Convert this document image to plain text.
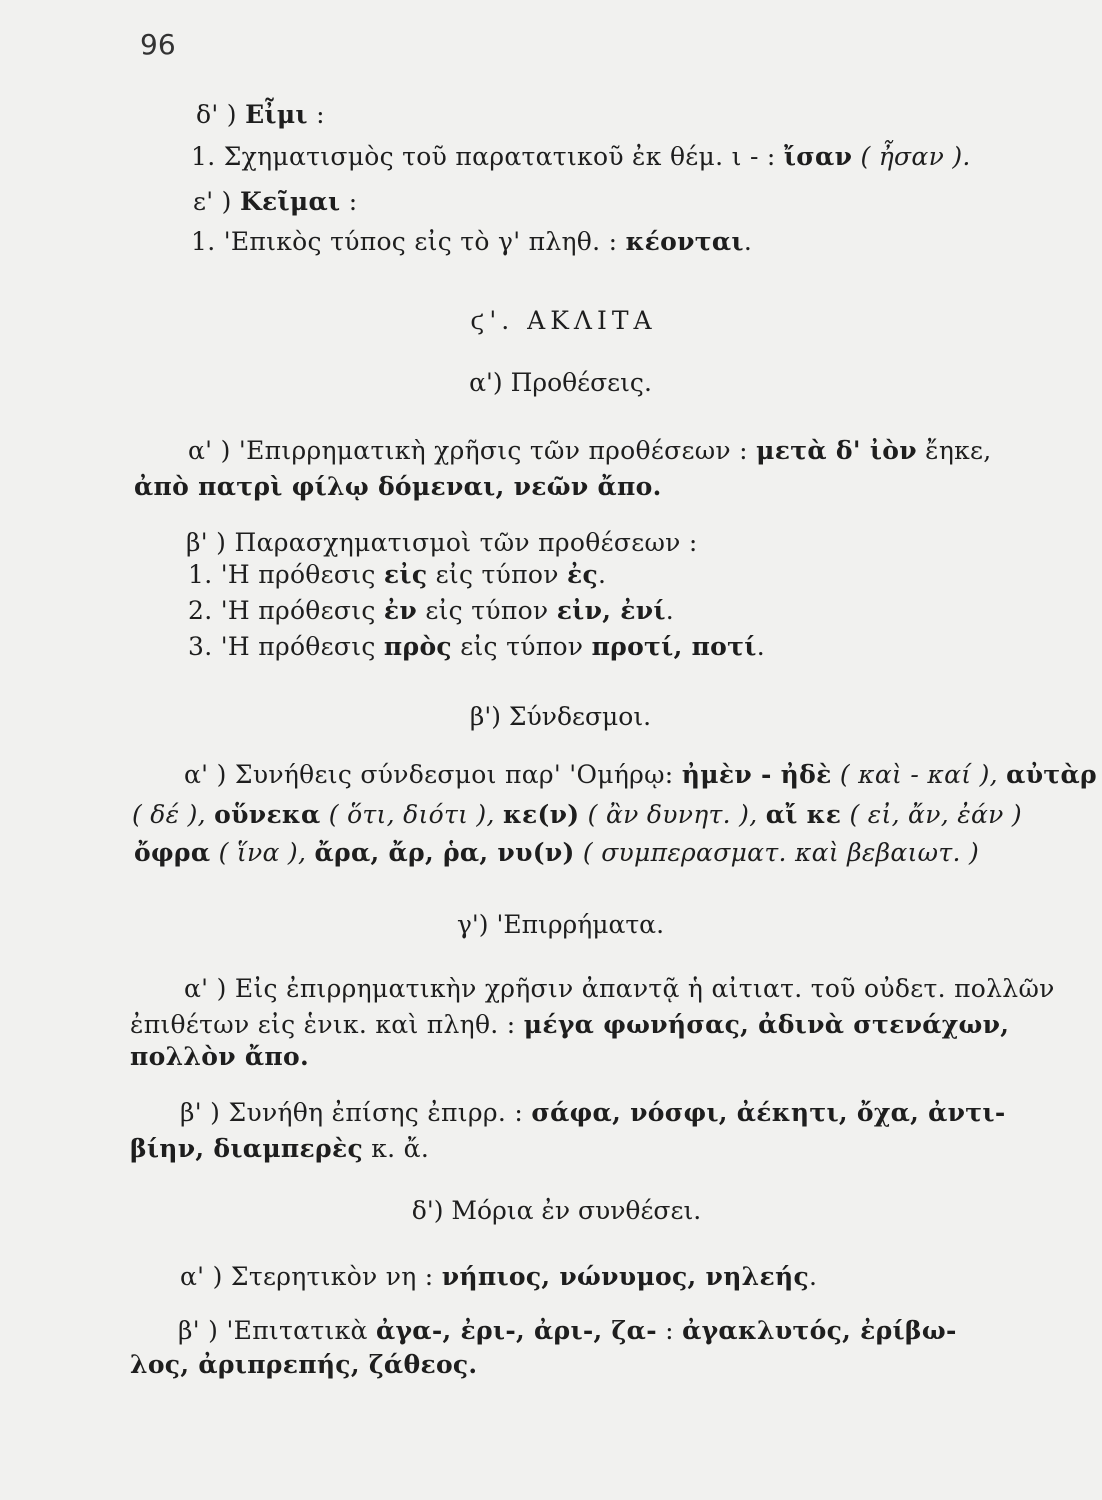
96
δ' ) Εἶμι :
1. Σχηματισμὸς τοῦ παρατατικοῦ ἐκ θέμ. ι - : ἴσαν ( ἦσαν ).
ε' ) Κεῖμαι :
1. 'Επικὸς τύπος εἰς τὸ γ' πληθ. : κέονται.
ϛ'. ΑΚΛΙΤΑ
α') Προθέσεις.
α' ) 'Επιρρηματικὴ χρῆσις τῶν προθέσεων : μετὰ δ' ἰὸν ἔηκε,
ἀπὸ πατρὶ φίλῳ δόμεναι, νεῶν ἄπο.
β' ) Παρασχηματισμοὶ τῶν προθέσεων :
1. 'Η πρόθεσις εἰς εἰς τύπον ἐς.
2. 'Η πρόθεσις ἐν εἰς τύπον εἰν, ἐνί.
3. 'Η πρόθεσις πρὸς εἰς τύπον προτί, ποτί.
β') Σύνδεσμοι.
α' ) Συνήθεις σύνδεσμοι παρ' 'Ομήρῳ: ἠμὲν - ἠδὲ ( καὶ - καί ), αὐτὰρ
( δέ ), οὕνεκα ( ὅτι, διότι ), κε(ν) ( ἂν δυνητ. ), αἴ κε ( εἰ, ἄν, ἐάν )
ὄφρα ( ἵνα ), ἄρα, ἄρ, ῥα, νυ(ν) ( συμπερασματ. καὶ βεβαιωτ. )
γ') 'Επιρρήματα.
α' ) Εἰς ἐπιρρηματικὴν χρῆσιν ἀπαντᾷ ἡ αἰτιατ. τοῦ οὐδετ. πολλῶν
ἐπιθέτων εἰς ἑνικ. καὶ πληθ. : μέγα φωνήσας, ἀδινὰ στενάχων,
πολλὸν ἄπο.
β' ) Συνήθη ἐπίσης ἐπιρρ. : σάφα, νόσφι, ἀέκητι, ὄχα, ἀντι-
βίην, διαμπερὲς κ. ἄ.
δ') Μόρια ἐν συνθέσει.
α' ) Στερητικὸν νη : νήπιος, νώνυμος, νηλεής.
β' ) 'Επιτατικὰ ἀγα-, ἐρι-, ἀρι-, ζα- : ἀγακλυτός, ἐρίβω-
λος, ἀριπρεπής, ζάθεος.
